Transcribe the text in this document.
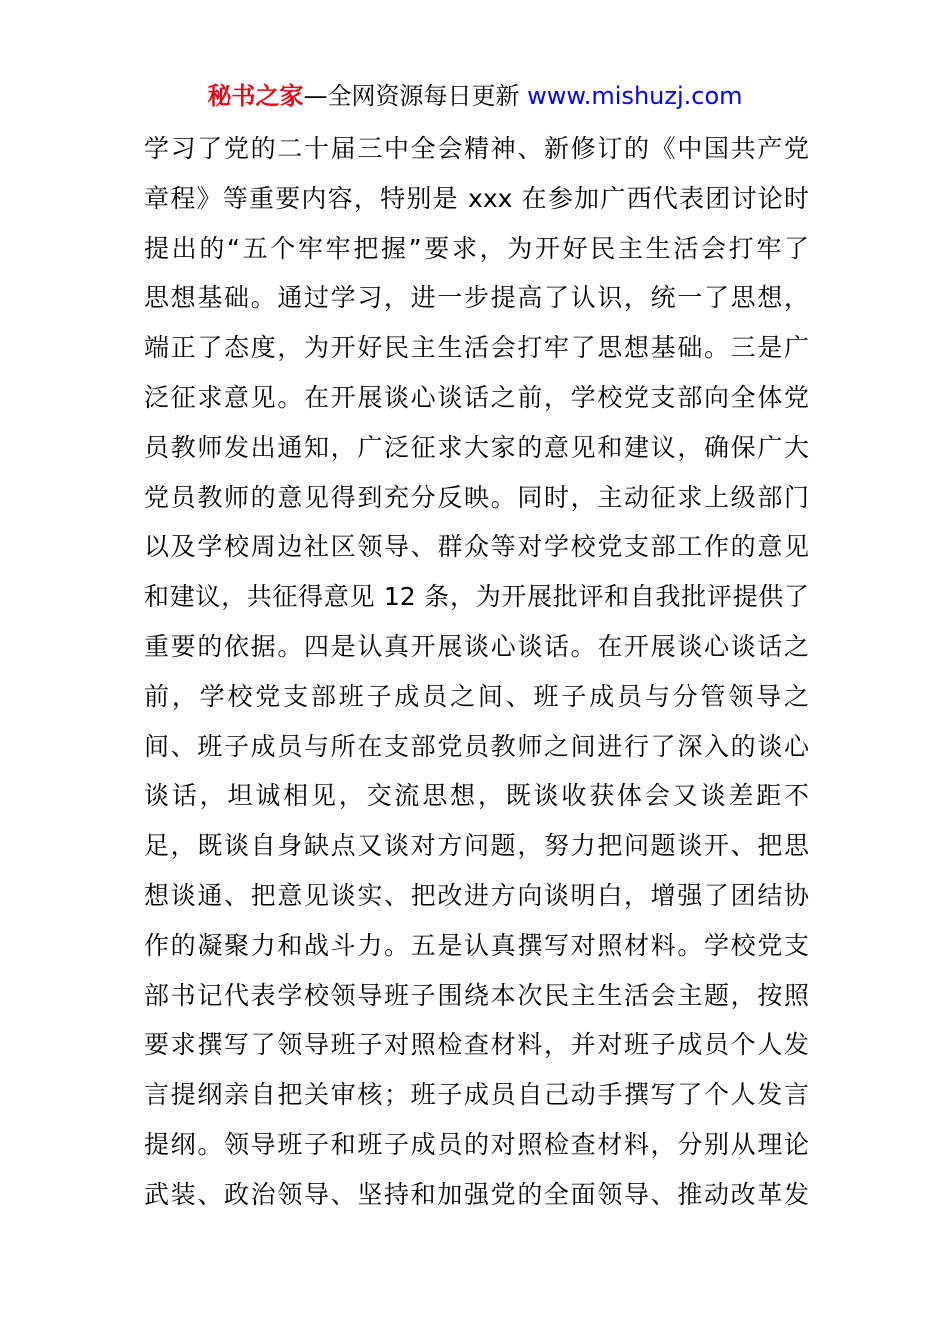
秘书之家—全网资源每日更新 www.mishuzj.com
学习了党的二十届三中全会精神、新修订的《中国共产党
章程》等重要内容，特别是 xxx 在参加广西代表团讨论时
提出的“五个牢牢把握”要求，为开好民主生活会打牢了
思想基础。通过学习，进一步提高了认识，统一了思想，
端正了态度，为开好民主生活会打牢了思想基础。三是广
泛征求意见。在开展谈心谈话之前，学校党支部向全体党
员教师发出通知，广泛征求大家的意见和建议，确保广大
党员教师的意见得到充分反映。同时，主动征求上级部门
以及学校周边社区领导、群众等对学校党支部工作的意见
和建议，共征得意见 12 条，为开展批评和自我批评提供了
重要的依据。四是认真开展谈心谈话。在开展谈心谈话之
前，学校党支部班子成员之间、班子成员与分管领导之
间、班子成员与所在支部党员教师之间进行了深入的谈心
谈话，坦诚相见，交流思想，既谈收获体会又谈差距不
足，既谈自身缺点又谈对方问题，努力把问题谈开、把思
想谈通、把意见谈实、把改进方向谈明白，增强了团结协
作的凝聚力和战斗力。五是认真撰写对照材料。学校党支
部书记代表学校领导班子围绕本次民主生活会主题，按照
要求撰写了领导班子对照检查材料，并对班子成员个人发
言提纲亲自把关审核；班子成员自己动手撰写了个人发言
提纲。领导班子和班子成员的对照检查材料，分别从理论
武装、政治领导、坚持和加强党的全面领导、推动改革发
